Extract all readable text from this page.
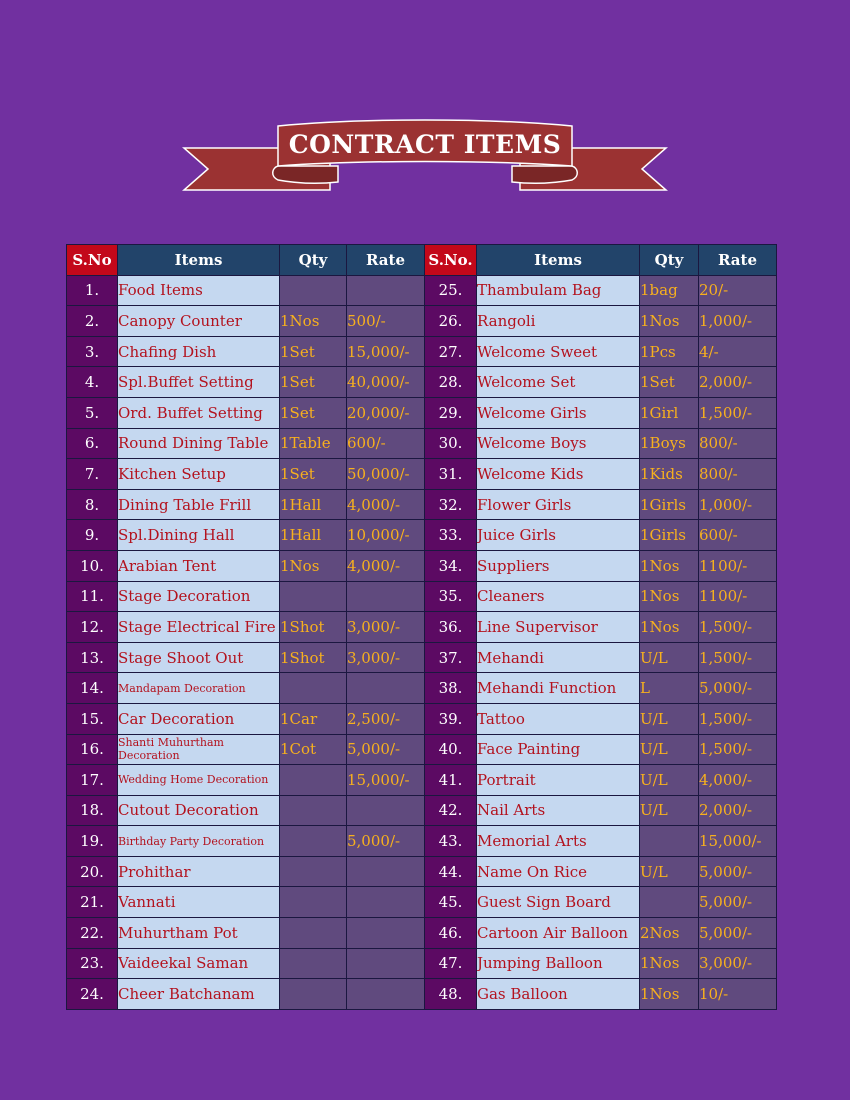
CONTRACT ITEMS
S.No	Items	Qty	Rate	S.No.	Items	Qty	Rate
1.	Food Items			25.	Thambulam Bag	1bag	20/-
2.	Canopy Counter	1Nos	500/-	26.	Rangoli	1Nos	1,000/-
3.	Chafing Dish	1Set	15,000/-	27.	Welcome Sweet	1Pcs	4/-
4.	Spl.Buffet Setting	1Set	40,000/-	28.	Welcome Set	1Set	2,000/-
5.	Ord. Buffet Setting	1Set	20,000/-	29.	Welcome Girls	1Girl	1,500/-
6.	Round Dining Table	1Table	600/-	30.	Welcome Boys	1Boys	800/-
7.	Kitchen Setup	1Set	50,000/-	31.	Welcome Kids	1Kids	800/-
8.	Dining Table Frill	1Hall	4,000/-	32.	Flower Girls	1Girls	1,000/-
9.	Spl.Dining Hall	1Hall	10,000/-	33.	Juice Girls	1Girls	600/-
10.	Arabian Tent	1Nos	4,000/-	34.	Suppliers	1Nos	1100/-
11.	Stage Decoration			35.	Cleaners	1Nos	1100/-
12.	Stage Electrical Fire	1Shot	3,000/-	36.	Line Supervisor	1Nos	1,500/-
13.	Stage Shoot Out	1Shot	3,000/-	37.	Mehandi	U/L	1,500/-
14.	Mandapam Decoration			38.	Mehandi Function	L	5,000/-
15.	Car Decoration	1Car	2,500/-	39.	Tattoo	U/L	1,500/-
16.	Shanti Muhurtham Decoration	1Cot	5,000/-	40.	Face Painting	U/L	1,500/-
17.	Wedding Home Decoration		15,000/-	41.	Portrait	U/L	4,000/-
18.	Cutout Decoration			42.	Nail Arts	U/L	2,000/-
19.	Birthday Party Decoration		5,000/-	43.	Memorial Arts		15,000/-
20.	Prohithar			44.	Name On Rice	U/L	5,000/-
21.	Vannati			45.	Guest Sign Board		5,000/-
22.	Muhurtham Pot			46.	Cartoon Air Balloon	2Nos	5,000/-
23.	Vaideekal Saman			47.	Jumping Balloon	1Nos	3,000/-
24.	Cheer Batchanam			48.	Gas Balloon	1Nos	10/-
